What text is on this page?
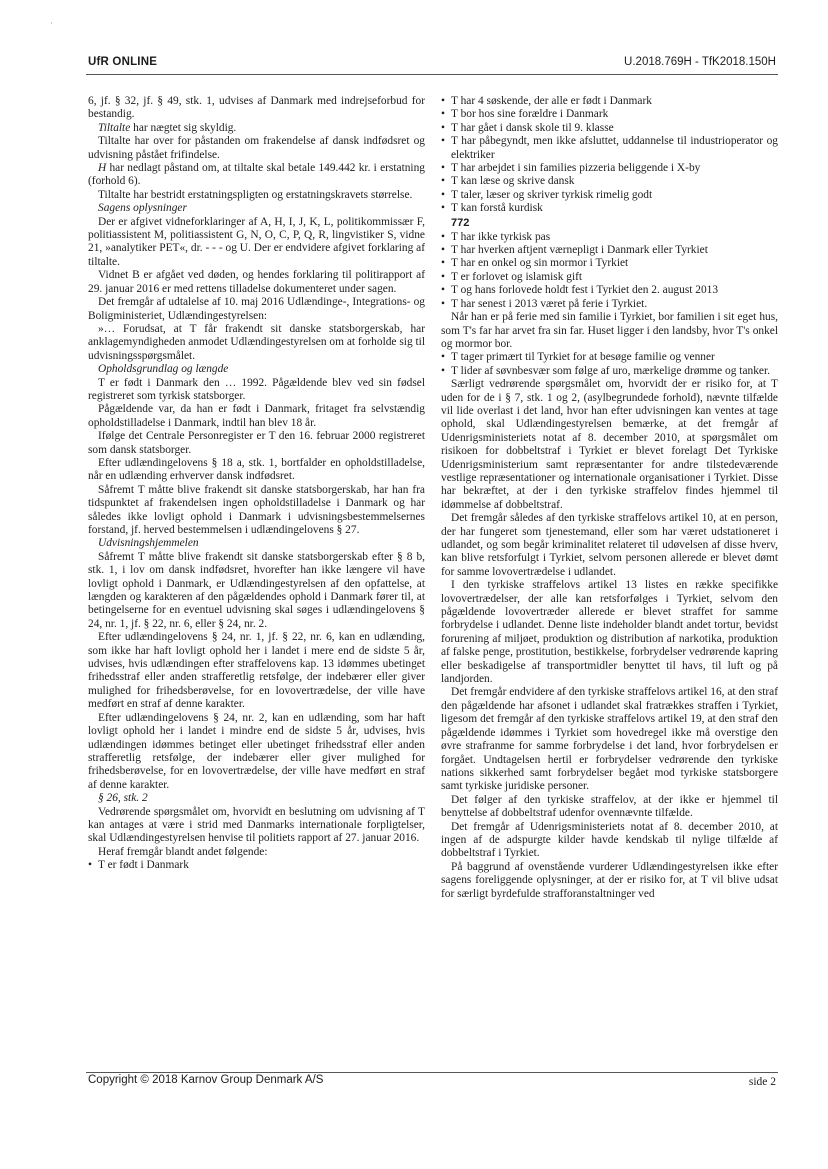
·
UfR ONLINE	U.2018.769H - TfK2018.150H

6, jf. § 32, jf. § 49, stk. 1, udvises af Danmark med indrejseforbud for bestandig.

Tiltalte har nægtet sig skyldig.

Tiltalte har over for påstanden om frakendelse af dansk indfødsret og udvisning påstået frifindelse.

H har nedlagt påstand om, at tiltalte skal betale 149.442 kr. i erstatning (forhold 6).

Tiltalte har bestridt erstatningspligten og erstatningskravets størrelse.

Sagens oplysninger

Der er afgivet vidneforklaringer af A, H, I, J, K, L, politikommissær F, politiassistent M, politiassistent G, N, O, C, P, Q, R, lingvistiker S, vidne 21, »analytiker PET«, dr. - - - og U. Der er endvidere afgivet forklaring af tiltalte.

Vidnet B er afgået ved døden, og hendes forklaring til politirapport af 29. januar 2016 er med rettens tilladelse dokumenteret under sagen.

Det fremgår af udtalelse af 10. maj 2016 Udlændinge-, Integrations- og Boligministeriet, Udlændingestyrelsen:

»… Forudsat, at T får frakendt sit danske statsborgerskab, har anklagemyndigheden anmodet Udlændingestyrelsen om at forholde sig til udvisningsspørgsmålet.

Opholdsgrundlag og længde

T er født i Danmark den … 1992. Pågældende blev ved sin fødsel registreret som tyrkisk statsborger.

Pågældende var, da han er født i Danmark, fritaget fra selvstændig opholdstilladelse i Danmark, indtil han blev 18 år.

Ifølge det Centrale Personregister er T den 16. februar 2000 registreret som dansk statsborger.

Efter udlændingelovens § 18 a, stk. 1, bortfalder en opholdstilladelse, når en udlænding erhverver dansk indfødsret.

Såfremt T måtte blive frakendt sit danske statsborgerskab, har han fra tidspunktet af frakendelsen ingen opholdstilladelse i Danmark og har således ikke lovligt ophold i Danmark i udvisningsbestemmelsernes forstand, jf. herved bestemmelsen i udlændingelovens § 27.

Udvisningshjemmelen

Såfremt T måtte blive frakendt sit danske statsborgerskab efter § 8 b, stk. 1, i lov om dansk indfødsret, hvorefter han ikke længere vil have lovligt ophold i Danmark, er Udlændingestyrelsen af den opfattelse, at længden og karakteren af den pågældendes ophold i Danmark fører til, at betingelserne for en eventuel udvisning skal søges i udlændingelovens § 24, nr. 1, jf. § 22, nr. 6, eller § 24, nr. 2.

Efter udlændingelovens § 24, nr. 1, jf. § 22, nr. 6, kan en udlænding, som ikke har haft lovligt ophold her i landet i mere end de sidste 5 år, udvises, hvis udlændingen efter straffelovens kap. 13 idømmes ubetinget frihedsstraf eller anden strafferetlig retsfølge, der indebærer eller giver mulighed for frihedsberøvelse, for en lovovertrædelse, der ville have medført en straf af denne karakter.

Efter udlændingelovens § 24, nr. 2, kan en udlænding, som har haft lovligt ophold her i landet i mindre end de sidste 5 år, udvises, hvis udlændingen idømmes betinget eller ubetinget frihedsstraf eller anden strafferetlig retsfølge, der indebærer eller giver mulighed for frihedsberøvelse, for en lovovertrædelse, der ville have medført en straf af denne karakter.

§ 26, stk. 2

Vedrørende spørgsmålet om, hvorvidt en beslutning om udvisning af T kan antages at være i strid med Danmarks internationale forpligtelser, skal Udlændingestyrelsen henvise til politiets rapport af 27. januar 2016.

Heraf fremgår blandt andet følgende:

• T er født i Danmark

• T har 4 søskende, der alle er født i Danmark

• T bor hos sine forældre i Danmark

• T har gået i dansk skole til 9. klasse

• T har påbegyndt, men ikke afsluttet, uddannelse til industrioperator og elektriker

• T har arbejdet i sin families pizzeria beliggende i X-by

• T kan læse og skrive dansk

• T taler, læser og skriver tyrkisk rimelig godt

• T kan forstå kurdisk

772

• T har ikke tyrkisk pas

• T har hverken aftjent værnepligt i Danmark eller Tyrkiet

• T har en onkel og sin mormor i Tyrkiet

• T er forlovet og islamisk gift

• T og hans forlovede holdt fest i Tyrkiet den 2. august 2013

• T har senest i 2013 været på ferie i Tyrkiet.

Når han er på ferie med sin familie i Tyrkiet, bor familien i sit eget hus, som T's far har arvet fra sin far. Huset ligger i den landsby, hvor T's onkel og mormor bor.

• T tager primært til Tyrkiet for at besøge familie og venner

• T lider af søvnbesvær som følge af uro, mærkelige drømme og tanker.

Særligt vedrørende spørgsmålet om, hvorvidt der er risiko for, at T uden for de i § 7, stk. 1 og 2, (asylbegrundede forhold), nævnte tilfælde vil lide overlast i det land, hvor han efter udvisningen kan ventes at tage ophold, skal Udlændingestyrelsen bemærke, at det fremgår af Udenrigsministeriets notat af 8. december 2010, at spørgsmålet om risikoen for dobbeltstraf i Tyrkiet er blevet forelagt Det Tyrkiske Udenrigsministerium samt repræsentanter for andre tilstedeværende vestlige repræsentationer og internationale organisationer i Tyrkiet. Disse har bekræftet, at der i den tyrkiske straffelov findes hjemmel til idømmelse af dobbeltstraf.

Det fremgår således af den tyrkiske straffelovs artikel 10, at en person, der har fungeret som tjenestemand, eller som har været udstationeret i udlandet, og som begår kriminalitet relateret til udøvelsen af disse hverv, kan blive retsforfulgt i Tyrkiet, selvom personen allerede er blevet dømt for samme lovovertrædelse i udlandet.

I den tyrkiske straffelovs artikel 13 listes en række specifikke lovovertrædelser, der alle kan retsforfølges i Tyrkiet, selvom den pågældende lovovertræder allerede er blevet straffet for samme forbrydelse i udlandet. Denne liste indeholder blandt andet tortur, bevidst forurening af miljøet, produktion og distribution af narkotika, produktion af falske penge, prostitution, bestikkelse, forbrydelser vedrørende kapring eller beskadigelse af transportmidler benyttet til havs, til luft og på landjorden.

Det fremgår endvidere af den tyrkiske straffelovs artikel 16, at den straf den pågældende har afsonet i udlandet skal fratrækkes straffen i Tyrkiet, ligesom det fremgår af den tyrkiske straffelovs artikel 19, at den straf den pågældende idømmes i Tyrkiet som hovedregel ikke må overstige den øvre strafranme for samme forbrydelse i det land, hvor forbrydelsen er forgået. Undtagelsen hertil er forbrydelser vedrørende den tyrkiske nations sikkerhed samt forbrydelser begået mod tyrkiske statsborgere samt tyrkiske juridiske personer.

Det følger af den tyrkiske straffelov, at der ikke er hjemmel til benyttelse af dobbeltstraf udenfor ovennævnte tilfælde.

Det fremgår af Udenrigsministeriets notat af 8. december 2010, at ingen af de adspurgte kilder havde kendskab til nylige tilfælde af dobbeltstraf i Tyrkiet.

På baggrund af ovenstående vurderer Udlændingestyrelsen ikke efter sagens foreliggende oplysninger, at der er risiko for, at T vil blive udsat for særligt byrdefulde strafforanstaltninger ved

Copyright © 2018 Karnov Group Denmark A/S	side 2
